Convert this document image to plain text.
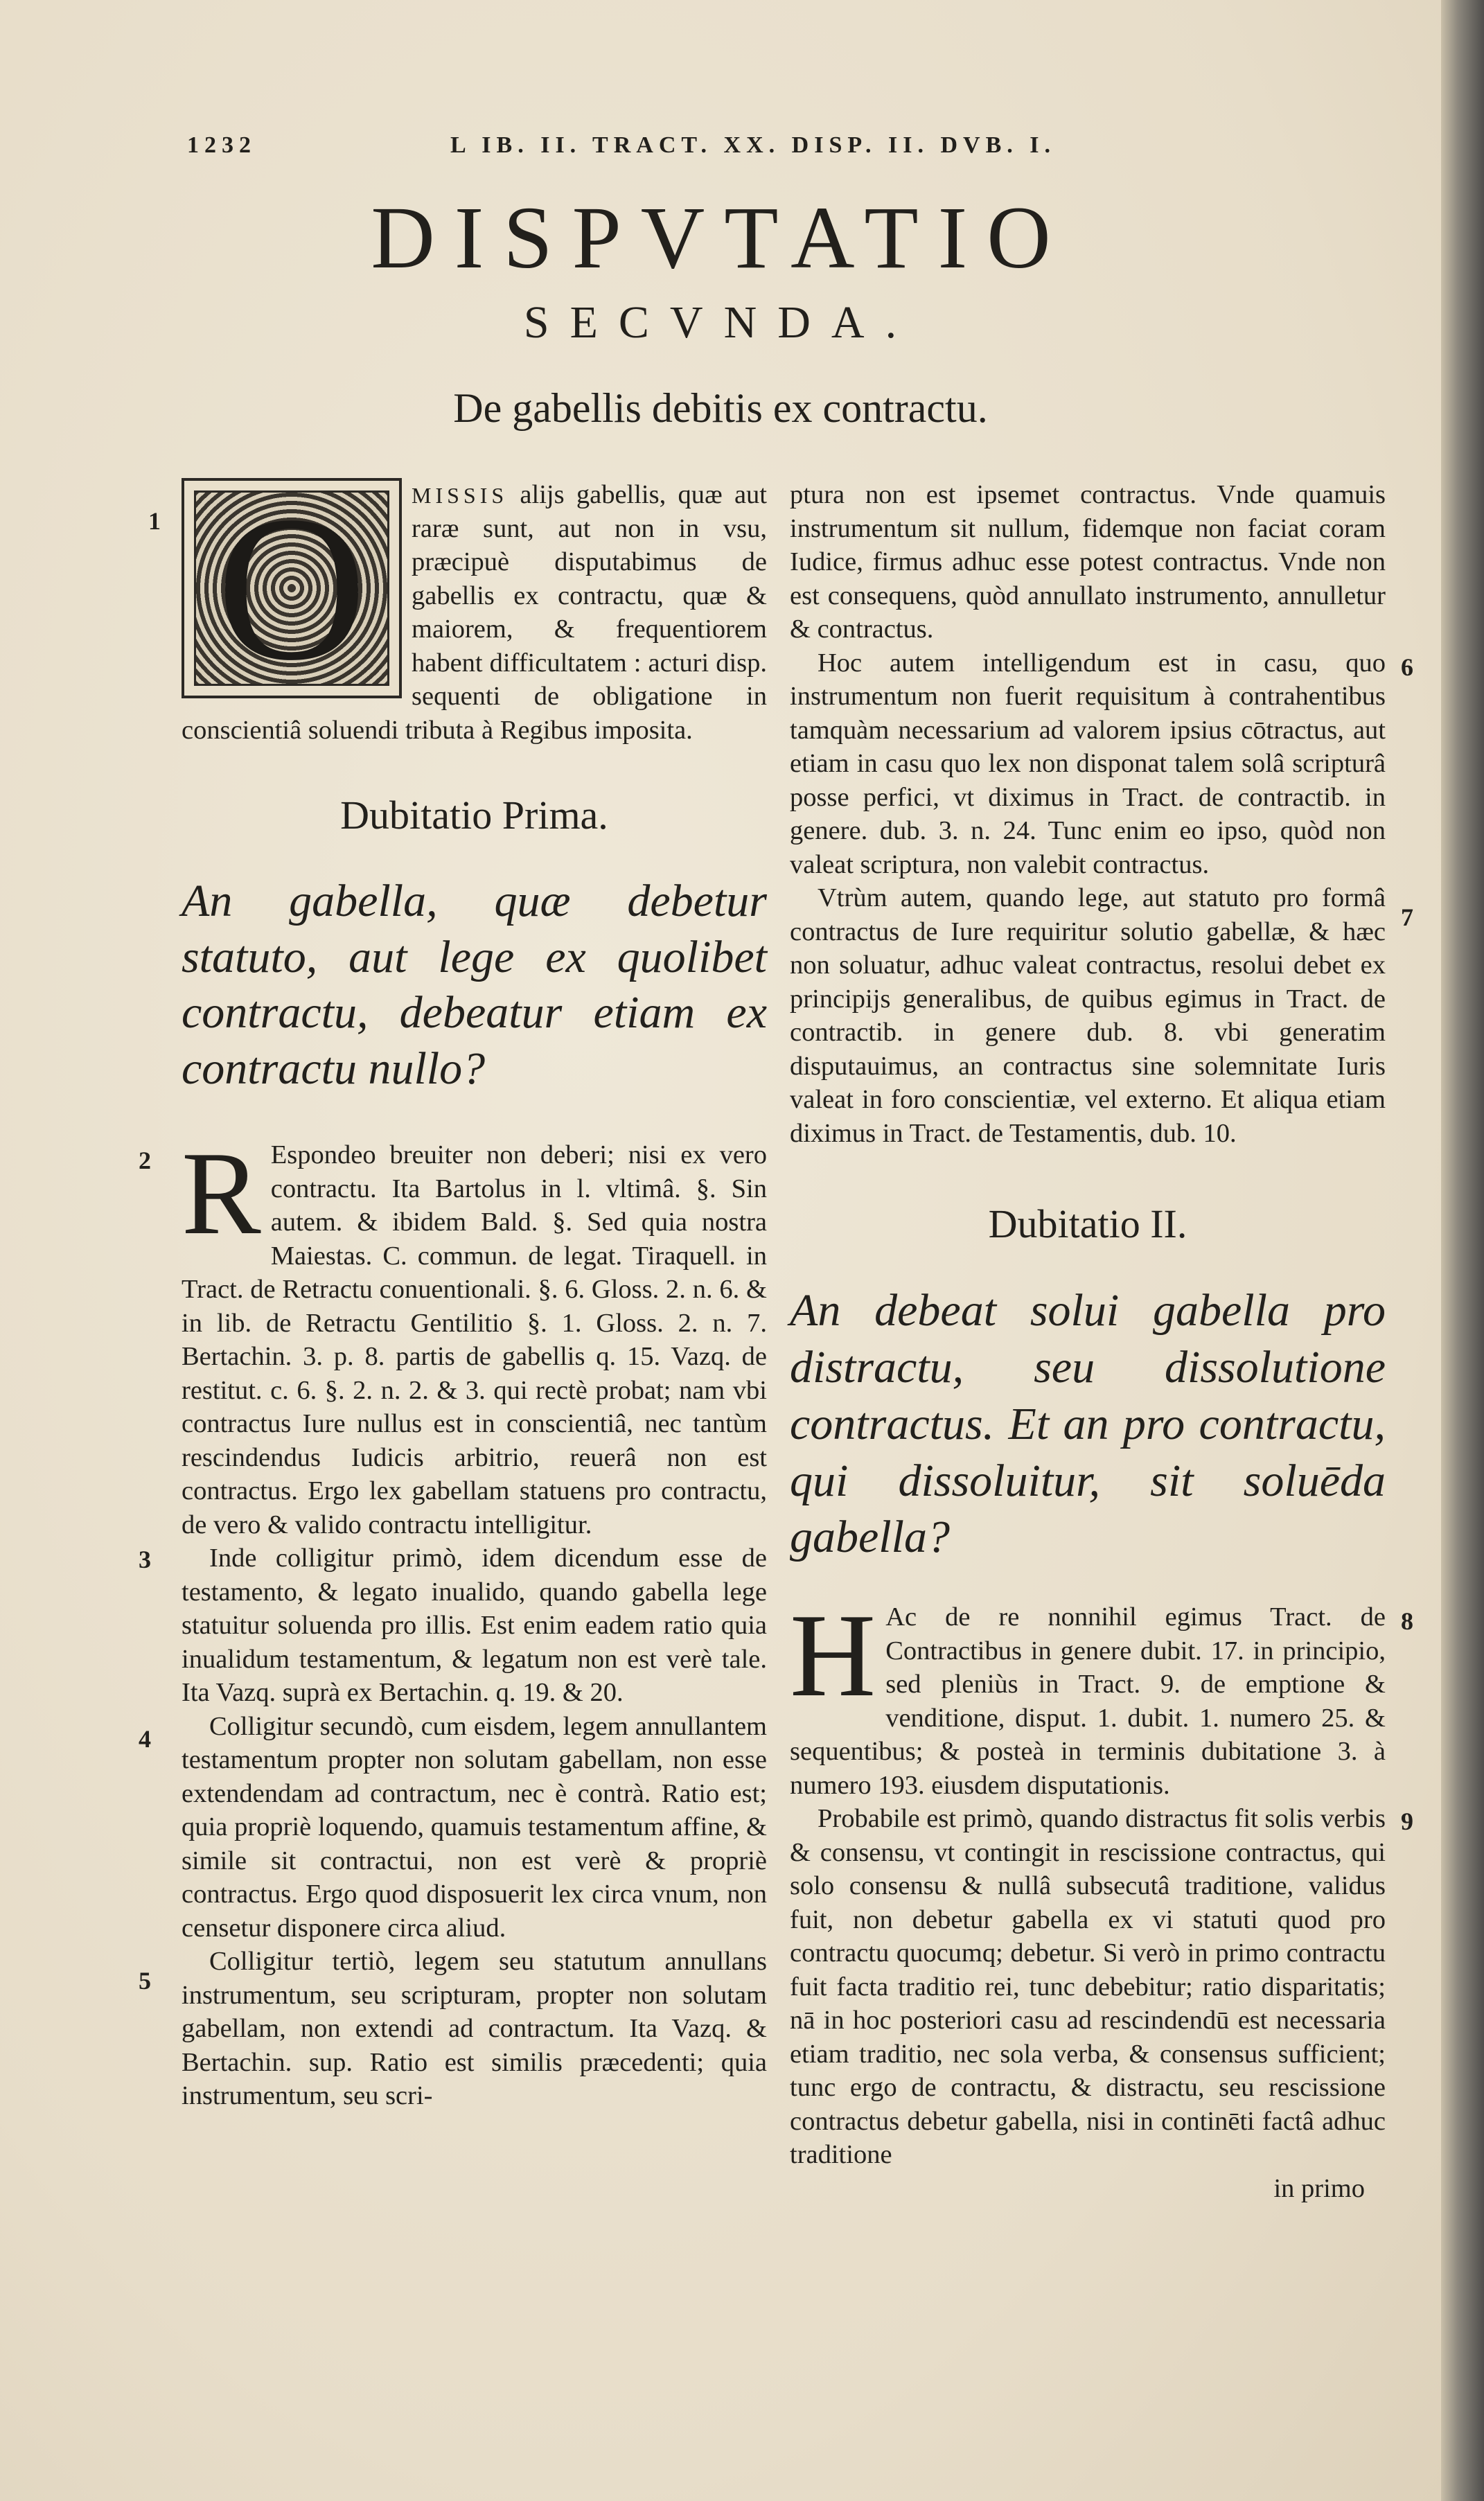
1232	L IB. II. TRACT. XX. DISP. II. DVB. I.
DISPVTATIO
SECVNDA.
De gabellis debitis ex contractu.
1 O	MISSIS alijs gabellis, quæ aut raræ sunt, aut non in vsu, præcipuè disputabimus de gabellis ex contractu, quæ & maiorem, & frequentiorem habent difficultatem : acturi disp. sequenti de obligatione in conscientiâ soluendi tributa à Regibus imposita.

Dubitatio Prima.
An gabella, quæ debetur statuto, aut lege ex quolibet contractu, debeatur etiam ex contractu nullo?
2 R Espondeo breuiter non deberi; nisi ex vero contractu. Ita Bartolus in l. vltimâ. §. Sin autem. & ibidem Bald. §. Sed quia nostra Maiestas. C. commun. de legat. Tiraquell. in Tract. de Retractu conuentionali. §. 6. Gloss. 2. n. 6. & in lib. de Retractu Gentilitio §. 1. Gloss. 2. n. 7. Bertachin. 3. p. 8. partis de gabellis q. 15. Vazq. de restitut. c. 6. §. 2. n. 2. & 3. qui rectè probat; nam vbi contractus Iure nullus est in conscientiâ, nec tantùm rescindendus Iudicis arbitrio, reuerâ non est contractus. Ergo lex gabellam statuens pro contractu, de vero & valido contractu intelligitur.

3	Inde colligitur primò, idem dicendum esse de testamento, & legato inualido, quando gabella lege statuitur soluenda pro illis. Est enim eadem ratio quia inualidum testamentum, & legatum non est verè tale. Ita Vazq. suprà ex Bertachin. q. 19. & 20.

4	Colligitur secundò, cum eisdem, legem annullantem testamentum propter non solutam gabellam, non esse extendendam ad contractum, nec è contrà. Ratio est; quia propriè loquendo, quamuis testamentum affine, & simile sit contractui, non est verè & propriè contractus. Ergo quod disposuerit lex circa vnum, non censetur disponere circa aliud.

5

Colligitur tertiò, legem seu statutum annullans instrumentum, seu scripturam, propter non solutam gabellam, non extendi ad contractum. Ita Vazq. & Bertachin. sup. Ratio est similis præcedenti; quia instrumentum, seu scri-

ptura non est ipsemet contractus. Vnde quamuis instrumentum sit nullum, fidemque non faciat coram Iudice, firmus adhuc esse potest contractus. Vnde non est consequens, quòd annullato instrumento, annulletur & contractus.

6

Hoc autem intelligendum est in casu, quo instrumentum non fuerit requisitum à contrahentibus tamquàm necessarium ad valorem ipsius cōtractus, aut etiam in casu quo lex non disponat talem solâ scripturâ posse perfici, vt diximus in Tract. de contractib. in genere. dub. 3. n. 24. Tunc enim eo ipso, quòd non valeat scriptura, non valebit contractus.

7

Vtrùm autem, quando lege, aut statuto pro formâ contractus de Iure requiritur solutio gabellæ, & hæc non soluatur, adhuc valeat contractus, resolui debet ex principijs generalibus, de quibus egimus in Tract. de contractib. in genere dub. 8. vbi generatim disputauimus, an contractus sine solemnitate Iuris valeat in foro conscientiæ, vel externo. Et aliqua etiam diximus in Tract. de Testamentis, dub. 10.

Dubitatio II.
An debeat solui gabella pro distractu, seu dissolutione contractus. Et an pro contractu, qui dissoluitur, sit soluēda gabella?
8

H Ac de re nonnihil egimus Tract. de Contractibus in genere dubit. 17. in principio, sed pleniùs in Tract. 9. de emptione & venditione, disput. 1. dubit. 1. numero 25. & sequentibus; & posteà in terminis dubitatione 3. à numero 193. eiusdem disputationis.

9

Probabile est primò, quando distractus fit solis verbis & consensu, vt contingit in rescissione contractus, qui solo consensu & nullâ subsecutâ traditione, validus fuit, non debetur gabella ex vi statuti quod pro contractu quocumq; debetur. Si verò in primo contractu fuit facta traditio rei, tunc debebitur; ratio disparitatis; nā in hoc posteriori casu ad rescindendū est necessaria etiam traditio, nec sola verba, & consensus sufficient; tunc ergo de contractu, & distractu, seu rescissione contractus debetur gabella, nisi in continēti factâ adhuc traditione

in primo
